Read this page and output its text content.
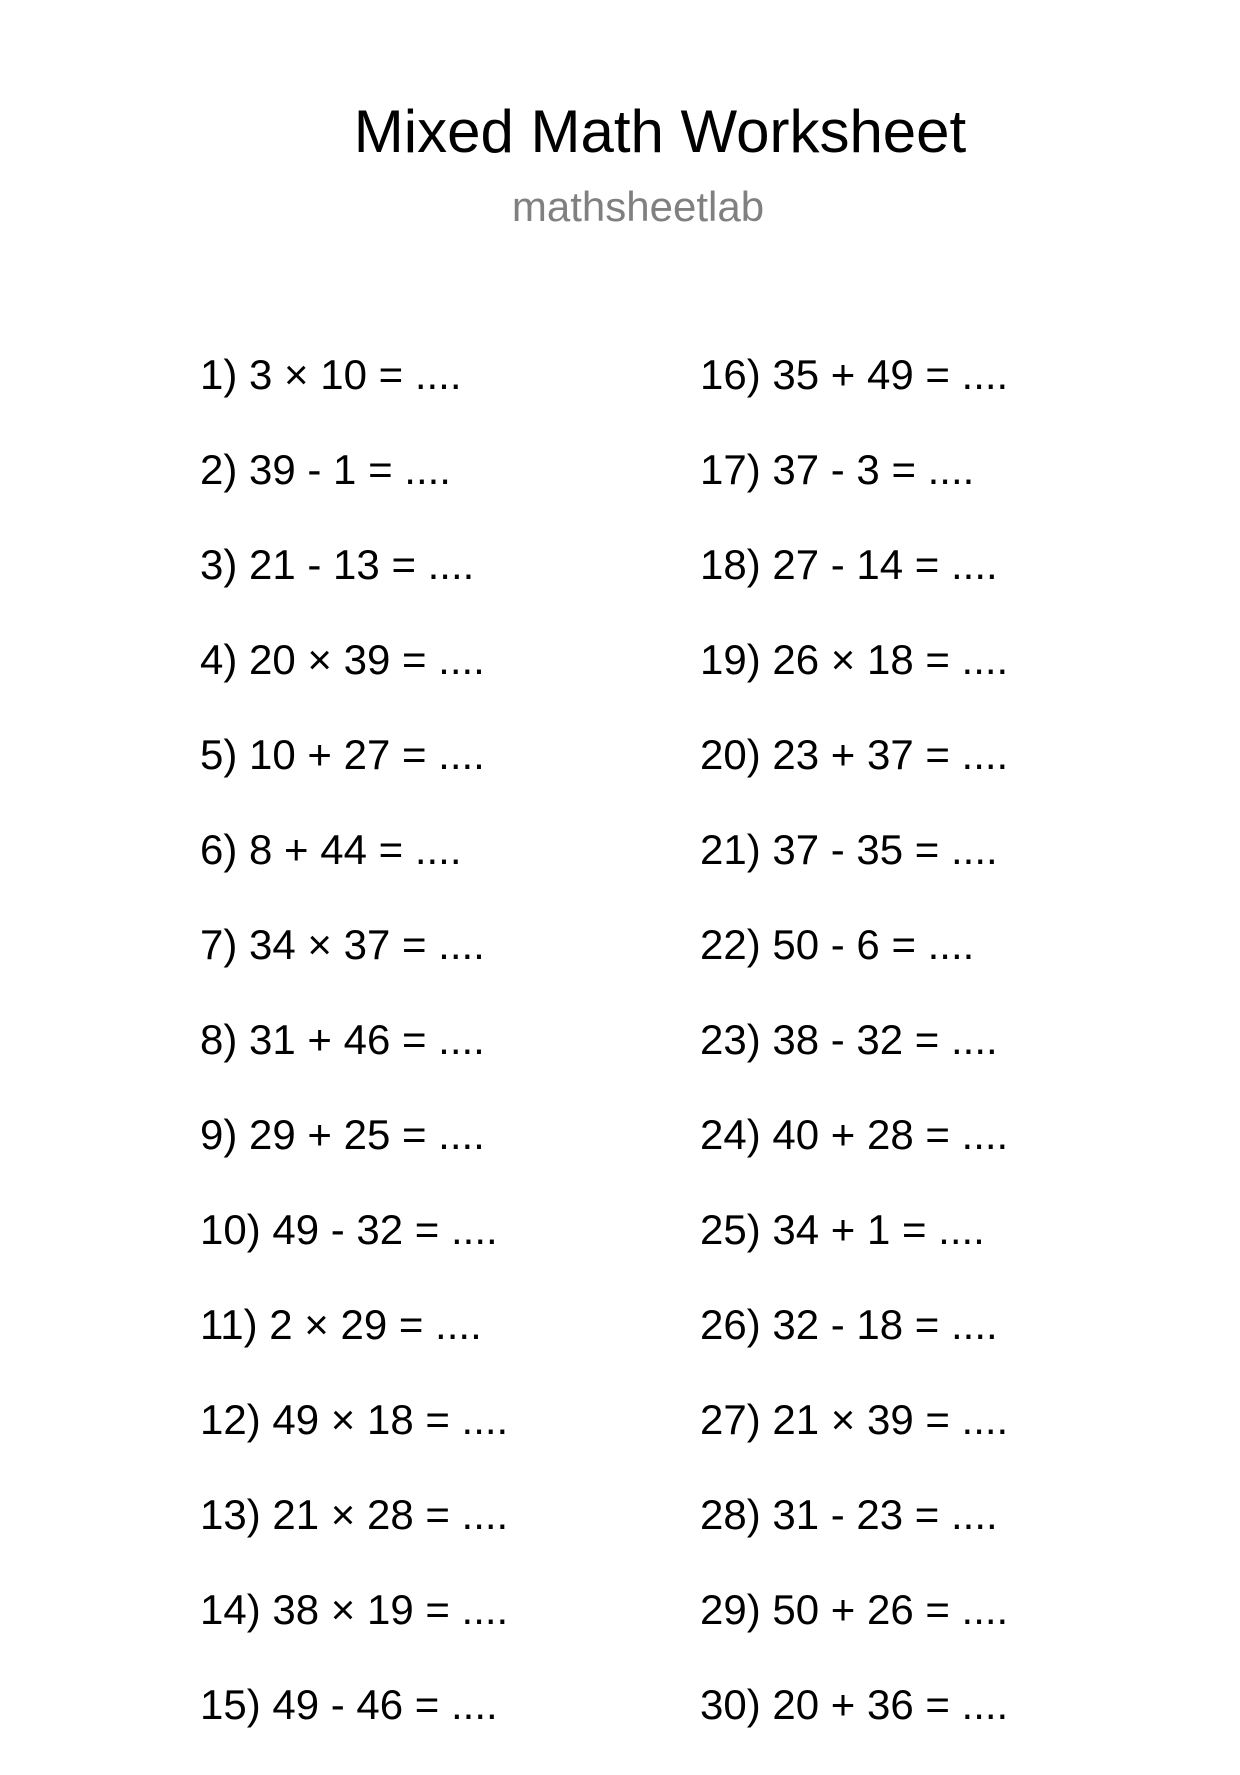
Mixed Math Worksheet
mathsheetlab
1) 3 × 10 = ....
2) 39 - 1 = ....
3) 21 - 13 = ....
4) 20 × 39 = ....
5) 10 + 27 = ....
6) 8 + 44 = ....
7) 34 × 37 = ....
8) 31 + 46 = ....
9) 29 + 25 = ....
10) 49 - 32 = ....
11) 2 × 29 = ....
12) 49 × 18 = ....
13) 21 × 28 = ....
14) 38 × 19 = ....
15) 49 - 46 = ....
16) 35 + 49 = ....
17) 37 - 3 = ....
18) 27 - 14 = ....
19) 26 × 18 = ....
20) 23 + 37 = ....
21) 37 - 35 = ....
22) 50 - 6 = ....
23) 38 - 32 = ....
24) 40 + 28 = ....
25) 34 + 1 = ....
26) 32 - 18 = ....
27) 21 × 39 = ....
28) 31 - 23 = ....
29) 50 + 26 = ....
30) 20 + 36 = ....
